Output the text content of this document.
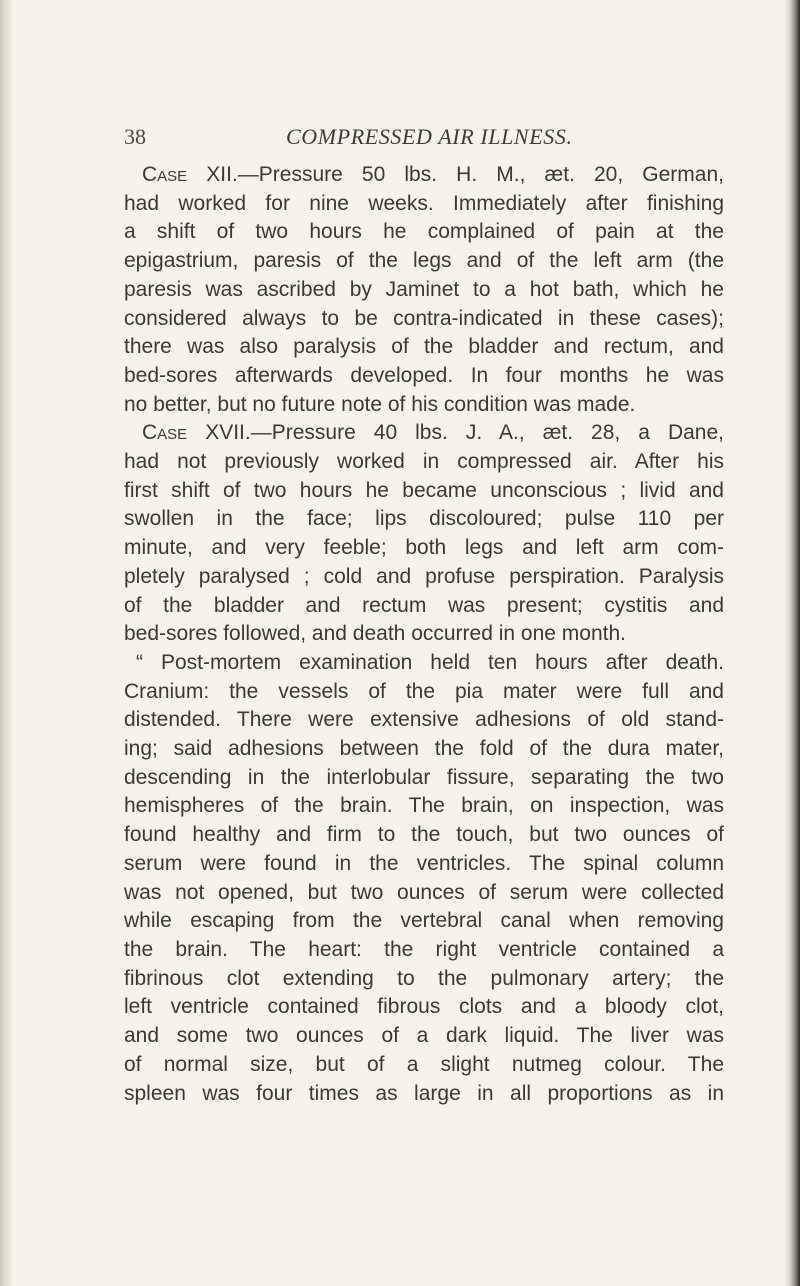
38	COMPRESSED AIR ILLNESS.
Case XII.—Pressure 50 lbs. H. M., æt. 20, German,
had worked for nine weeks. Immediately after finishing
a shift of two hours he complained of pain at the
epigastrium, paresis of the legs and of the left arm (the
paresis was ascribed by Jaminet to a hot bath, which he
considered always to be contra-indicated in these cases);
there was also paralysis of the bladder and rectum, and
bed-sores afterwards developed. In four months he was
no better, but no future note of his condition was made.
Case XVII.—Pressure 40 lbs. J. A., æt. 28, a Dane,
had not previously worked in compressed air. After his
first shift of two hours he became unconscious ; livid and
swollen in the face; lips discoloured; pulse 110 per
minute, and very feeble; both legs and left arm com-
pletely paralysed ; cold and profuse perspiration. Paralysis
of the bladder and rectum was present; cystitis and
bed-sores followed, and death occurred in one month.
“ Post-mortem examination held ten hours after death.
Cranium: the vessels of the pia mater were full and
distended. There were extensive adhesions of old stand-
ing; said adhesions between the fold of the dura mater,
descending in the interlobular fissure, separating the two
hemispheres of the brain. The brain, on inspection, was
found healthy and firm to the touch, but two ounces of
serum were found in the ventricles. The spinal column
was not opened, but two ounces of serum were collected
while escaping from the vertebral canal when removing
the brain. The heart: the right ventricle contained a
fibrinous clot extending to the pulmonary artery; the
left ventricle contained fibrous clots and a bloody clot,
and some two ounces of a dark liquid. The liver was
of normal size, but of a slight nutmeg colour. The
spleen was four times as large in all proportions as in
